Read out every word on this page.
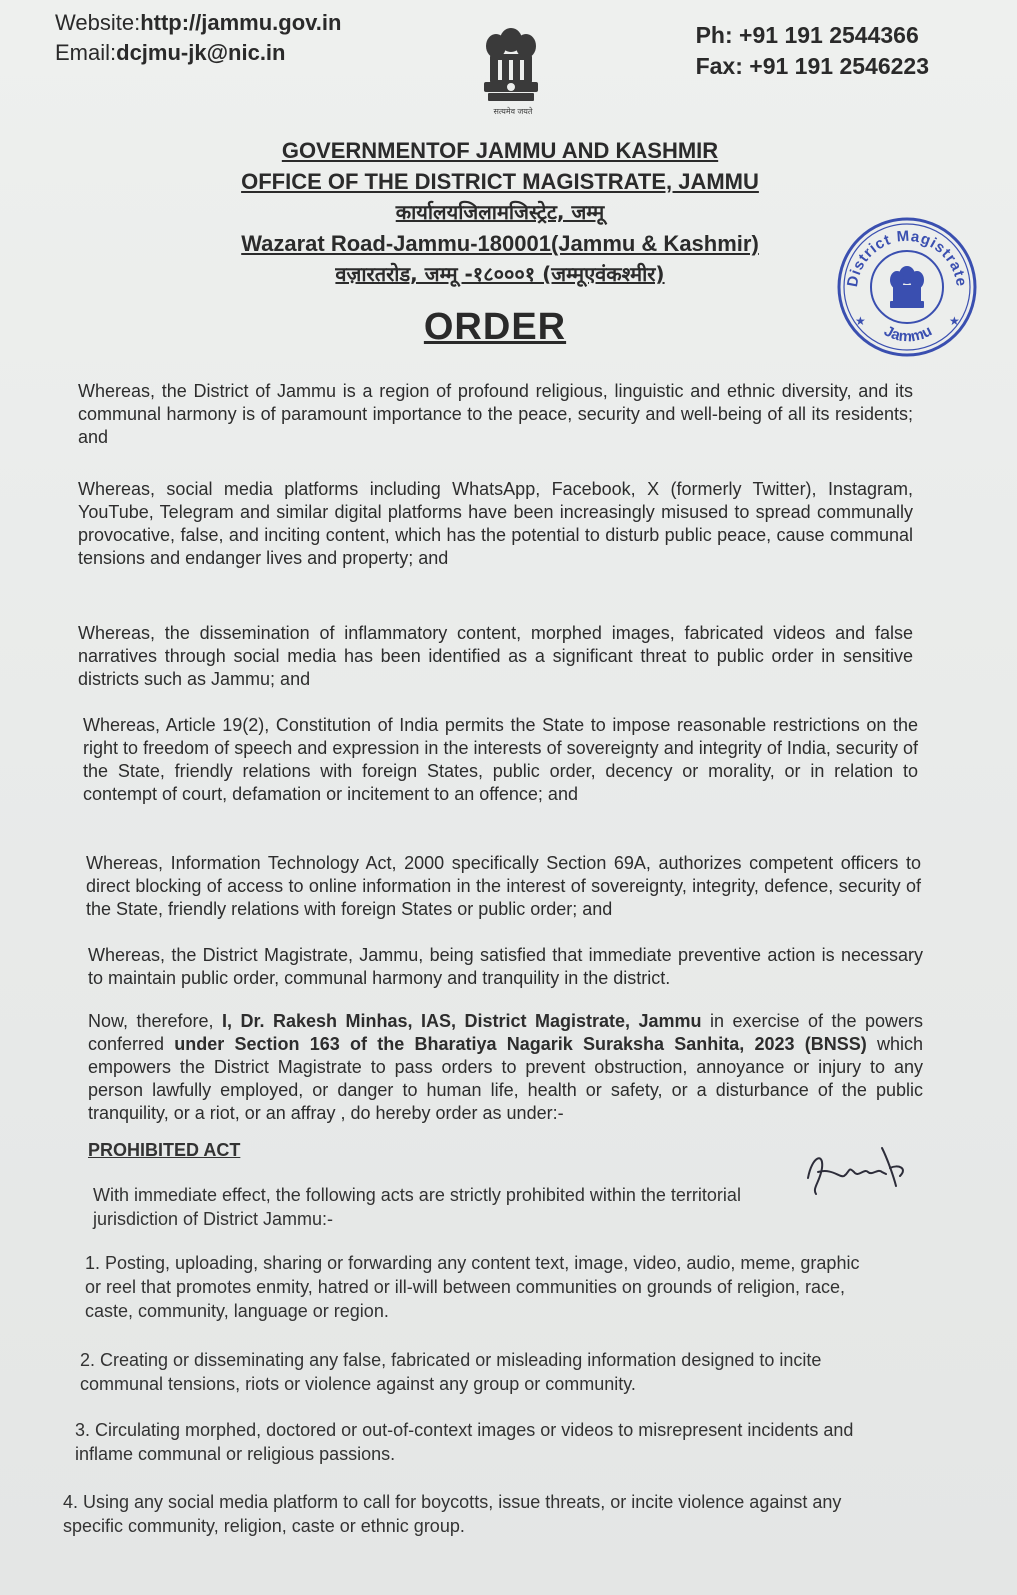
Website:http://jammu.gov.in
Email:dcjmu-jk@nic.in
सत्यमेव जयते
Ph: +91 191 2544366
Fax: +91 191 2546223
GOVERNMENTOF JAMMU AND KASHMIR
OFFICE OF THE DISTRICT MAGISTRATE, JAMMU
कार्यालयजिलामजिस्ट्रेट, जम्मू
Wazarat Road-Jammu-180001(Jammu & Kashmir)
वज़ारतरोड, जम्मू -१८०००१ (जम्मूएवंकश्मीर)	District Magistrate
Jammu
★	★
ORDER

Whereas, the District of Jammu is a region of profound religious, linguistic and ethnic diversity, and its communal harmony is of paramount importance to the peace, security and well-being of all its residents; and

Whereas, social media platforms including WhatsApp, Facebook, X (formerly Twitter), Instagram, YouTube, Telegram and similar digital platforms have been increasingly misused to spread communally provocative, false, and inciting content, which has the potential to disturb public peace, cause communal tensions and endanger lives and property; and

Whereas, the dissemination of inflammatory content, morphed images, fabricated videos and false narratives through social media has been identified as a significant threat to public order in sensitive districts such as Jammu; and

Whereas, Article 19(2), Constitution of India permits the State to impose reasonable restrictions on the right to freedom of speech and expression in the interests of sovereignty and integrity of India, security of the State, friendly relations with foreign States, public order, decency or morality, or in relation to contempt of court, defamation or incitement to an offence; and

Whereas, Information Technology Act, 2000 specifically Section 69A, authorizes competent officers to direct blocking of access to online information in the interest of sovereignty, integrity, defence, security of the State, friendly relations with foreign States or public order; and

Whereas, the District Magistrate, Jammu, being satisfied that immediate preventive action is necessary to maintain public order, communal harmony and tranquility in the district.

Now, therefore, I, Dr. Rakesh Minhas, IAS, District Magistrate, Jammu in exercise of the powers conferred under Section 163 of the Bharatiya Nagarik Suraksha Sanhita, 2023 (BNSS) which empowers the District Magistrate to pass orders to prevent obstruction, annoyance or injury to any person lawfully employed, or danger to human life, health or safety, or a disturbance of the public tranquility, or a riot, or an affray , do hereby order as under:-

PROHIBITED ACT
With immediate effect, the following acts are strictly prohibited within the territorial jurisdiction of District Jammu:-
1. Posting, uploading, sharing or forwarding any content text, image, video, audio, meme, graphic or reel that promotes enmity, hatred or ill-will between communities on grounds of religion, race, caste, community, language or region.
2. Creating or disseminating any false, fabricated or misleading information designed to incite communal tensions, riots or violence against any group or community.
3. Circulating morphed, doctored or out-of-context images or videos to misrepresent incidents and inflame communal or religious passions.
4. Using any social media platform to call for boycotts, issue threats, or incite violence against any specific community, religion, caste or ethnic group.
